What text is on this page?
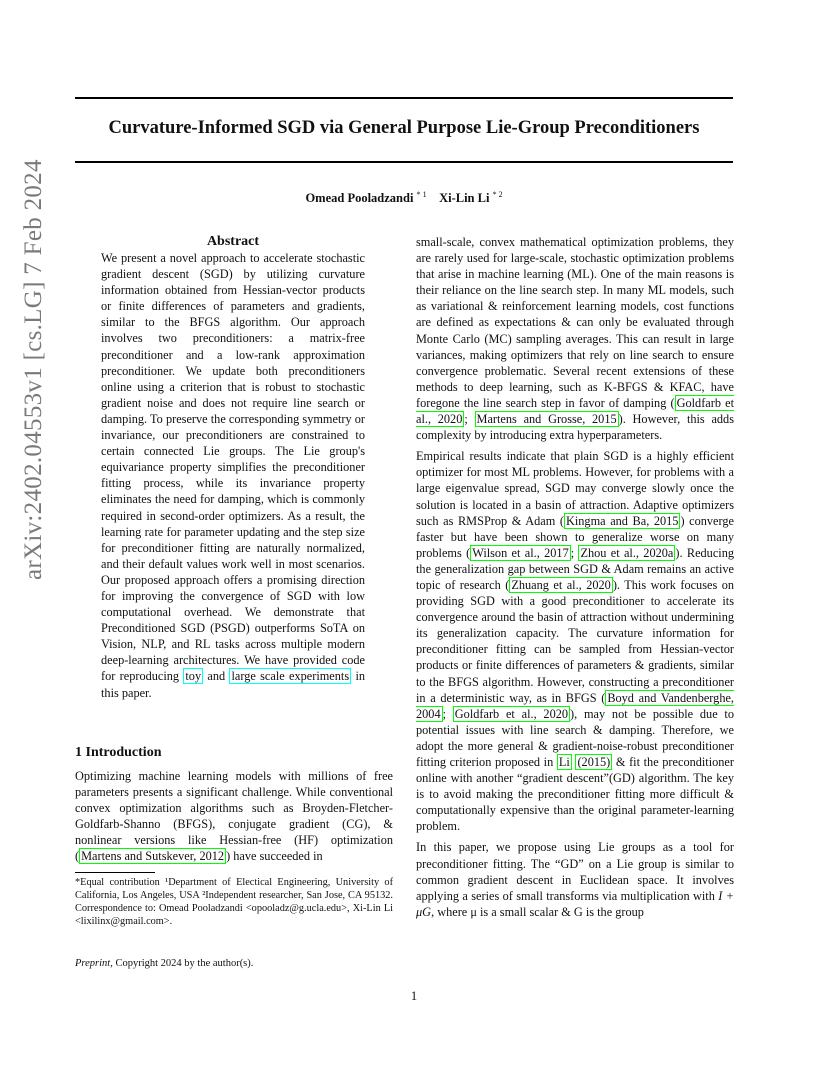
Curvature-Informed SGD via General Purpose Lie-Group Preconditioners
Omead Pooladzandi $^{* 1}$ Xi-Lin Li $^{* 2}$
arXiv:2402.04553v1 [cs.LG] 7 Feb 2024	Abstract

We present a novel approach to accelerate stochastic gradient descent (SGD) by utilizing curvature information obtained from Hessian-vector products or finite differences of parameters and gradients, similar to the BFGS algorithm. Our approach involves two preconditioners: a matrix-free preconditioner and a low-rank approximation preconditioner. We update both preconditioners online using a criterion that is robust to stochastic gradient noise and does not require line search or damping. To preserve the corresponding symmetry or invariance, our preconditioners are constrained to certain connected Lie groups. The Lie group's equivariance property simplifies the preconditioner fitting process, while its invariance property eliminates the need for damping, which is commonly required in second-order optimizers. As a result, the learning rate for parameter updating and the step size for preconditioner fitting are naturally normalized, and their default values work well in most scenarios. Our proposed approach offers a promising direction for improving the convergence of SGD with low computational overhead. We demonstrate that Preconditioned SGD (PSGD) outperforms SoTA on Vision, NLP, and RL tasks across multiple modern deep-learning architectures. We have provided code for reproducing toy and large scale experiments in this paper.

1 Introduction

Optimizing machine learning models with millions of free parameters presents a significant challenge. While conventional convex optimization algorithms such as Broyden-Fletcher-Goldfarb-Shanno (BFGS), conjugate gradient (CG), & nonlinear versions like Hessian-free (HF) optimization ( Martens and Sutskever, 2012 ) have succeeded in

*Equal contribution ¹Department of Electical Engineering, University of California, Los Angeles, USA ²Independent researcher, San Jose, CA 95132. Correspondence to: Omead Pooladzandi <opooladz@g.ucla.edu>, Xi-Lin Li <lixilinx@gmail.com>.
Preprint, Copyright 2024 by the author(s).

small-scale, convex mathematical optimization problems, they are rarely used for large-scale, stochastic optimization problems that arise in machine learning (ML). One of the main reasons is their reliance on the line search step. In many ML models, such as variational & reinforcement learning models, cost functions are defined as expectations & can only be evaluated through Monte Carlo (MC) sampling averages. This can result in large variances, making optimizers that rely on line search to ensure convergence problematic. Several recent extensions of these methods to deep learning, such as K-BFGS & KFAC, have foregone the line search step in favor of damping ( Goldfarb et al., 2020 ; Martens and Grosse, 2015 ). However, this adds complexity by introducing extra hyperparameters.

Empirical results indicate that plain SGD is a highly efficient optimizer for most ML problems. However, for problems with a large eigenvalue spread, SGD may converge slowly once the solution is located in a basin of attraction. Adaptive optimizers such as RMSProp & Adam ( Kingma and Ba, 2015 ) converge faster but have been shown to generalize worse on many problems ( Wilson et al., 2017 ; Zhou et al., 2020a ). Reducing the generalization gap between SGD & Adam remains an active topic of research ( Zhuang et al., 2020 ). This work focuses on providing SGD with a good preconditioner to accelerate its convergence around the basin of attraction without undermining its generalization capacity. The curvature information for preconditioner fitting can be sampled from Hessian-vector products or finite differences of parameters & gradients, similar to the BFGS algorithm. However, constructing a preconditioner in a deterministic way, as in BFGS ( Boyd and Vandenberghe, 2004 ; Goldfarb et al., 2020 ), may not be possible due to potential issues with line search & damping. Therefore, we adopt the more general & gradient-noise-robust preconditioner fitting criterion proposed in Li (2015) & fit the preconditioner online with another “gradient descent”(GD) algorithm. The key is to avoid making the preconditioner fitting more difficult & computationally expensive than the original parameter-learning problem.

In this paper, we propose using Lie groups as a tool for preconditioner fitting. The “GD” on a Lie group is similar to common gradient descent in Euclidean space. It involves applying a series of small transforms via multiplication with I + μG, where μ is a small scalar & G is the group

1
